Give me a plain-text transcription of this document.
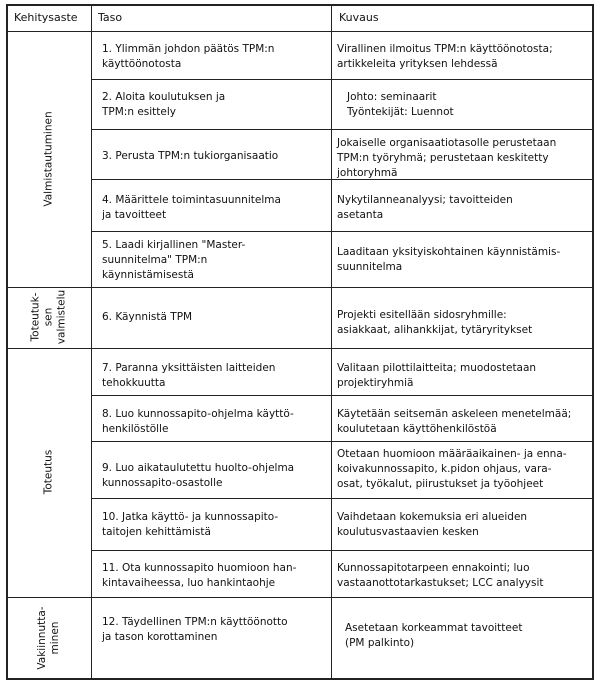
Kehitysaste Taso	Kuvaus
Valmistautuminen
Toteutuk-
sen
valmistelu
Toteutus
Vakiinnutta-
minen
1. Ylimmän johdon päätös TPM:n
käyttöönotosta
2. Aloita koulutuksen ja
TPM:n esittely
3. Perusta TPM:n tukiorganisaatio
4. Määrittele toimintasuunnitelma
ja tavoitteet
5. Laadi kirjallinen "Master-
suunnitelma" TPM:n
käynnistämisestä
6. Käynnistä TPM
7. Paranna yksittäisten laitteiden
tehokkuutta
8. Luo kunnossapito-ohjelma käyttö-
henkilöstölle
9. Luo aikataulutettu huolto-ohjelma
kunnossapito-osastolle
10. Jatka käyttö- ja kunnossapito-
taitojen kehittämistä
11. Ota kunnossapito huomioon han-
kintavaiheessa, luo hankintaohje
12. Täydellinen TPM:n käyttöönotto
ja tason korottaminen
Virallinen ilmoitus TPM:n käyttöönotosta;
artikkeleita yrityksen lehdessä
Johto: seminaarit
Työntekijät: Luennot
Jokaiselle organisaatiotasolle perustetaan
TPM:n työryhmä; perustetaan keskitetty
johtoryhmä
Nykytilanneanalyysi; tavoitteiden
asetanta
Laaditaan yksityiskohtainen käynnistämis-
suunnitelma
Projekti esitellään sidosryhmille:
asiakkaat, alihankkijat, tytäryritykset
Valitaan pilottilaitteita; muodostetaan
projektiryhmiä
Käytetään seitsemän askeleen menetelmää;
koulutetaan käyttöhenkilöstöä
Otetaan huomioon määräaikainen- ja enna-
koivakunnossapito, k.pidon ohjaus, vara-
osat, työkalut, piirustukset ja työohjeet
Vaihdetaan kokemuksia eri alueiden
koulutusvastaavien kesken
Kunnossapitotarpeen ennakointi; luo
vastaanottotarkastukset; LCC analyysit
Asetetaan korkeammat tavoitteet
(PM palkinto)
